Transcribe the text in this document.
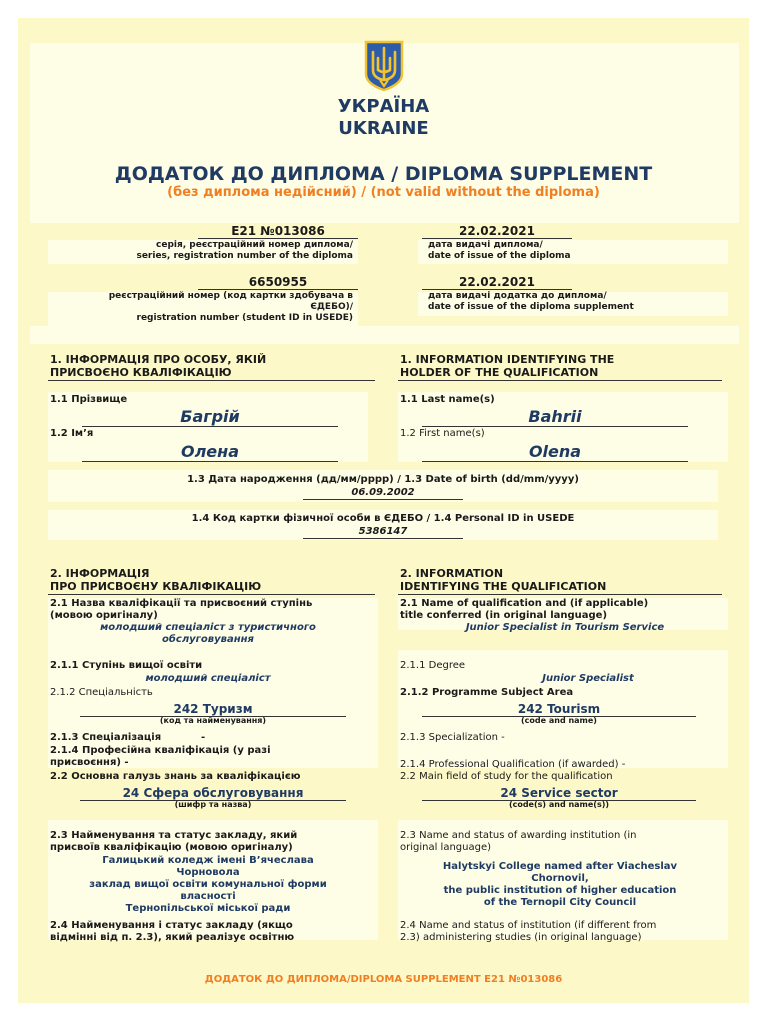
УКРАЇНА
UKRAINE
ДОДАТОК ДО ДИПЛОМА / DIPLOMA SUPPLEMENT
(без диплома недійсний) / (not valid without the diploma)
E21 №013086
серія, реєстраційний номер диплома/
series, registration number of the diploma
22.02.2021
дата видачі диплома/
date of issue of the diploma
6650955
реєстраційний номер (код картки здобувача в
ЄДЕБО)/
registration number (student ID in USEDE)
22.02.2021
дата видачі додатка до диплома/
date of issue of the diploma supplement
1. ІНФОРМАЦІЯ ПРО ОСОБУ, ЯКІЙ
ПРИСВОЄНО КВАЛІФІКАЦІЮ
1. INFORMATION IDENTIFYING THE
HOLDER OF THE QUALIFICATION
1.1 Прізвище
Багрій
1.1 Last name(s)
Bahrii
1.2 Ім’я
Олена
1.2 First name(s)
Olena
1.3 Дата народження (дд/мм/рррр) / 1.3 Date of birth (dd/mm/yyyy)
06.09.2002
1.4 Код картки фізичної особи в ЄДЕБО / 1.4 Personal ID in USEDE
5386147
2. ІНФОРМАЦІЯ
ПРО ПРИСВОЄНУ КВАЛІФІКАЦІЮ
2. INFORMATION
IDENTIFYING THE QUALIFICATION
2.1 Назва кваліфікації та присвоєний ступінь
(мовою оригіналу)
молодший спеціаліст з туристичного
обслуговування
2.1 Name of qualification and (if applicable)
title conferred (in original language)
Junior Specialist in Tourism Service
2.1.1 Ступінь вищої освіти
молодший спеціаліст
2.1.1 Degree
Junior Specialist
2.1.2 Спеціальність	2.1.2 Programme Subject Area
242 Туризм	242 Tourism
(код та найменування)	(code and name)
2.1.3 Спеціалізація	-	2.1.3 Specialization -
2.1.4 Професійна кваліфікація (у разі
присвоєння) -	2.1.4 Professional Qualification (if awarded) -
2.2 Основна галузь знань за кваліфікацією	2.2 Main field of study for the qualification
24 Сфера обслуговування	24 Service sector
(шифр та назва)	(code(s) and name(s))
2.3 Найменування та статус закладу, який
присвоїв кваліфікацію (мовою оригіналу)
Галицький коледж імені В’ячеслава
Чорновола
заклад вищої освіти комунальної форми
власності
Тернопільської міської ради
2.3 Name and status of awarding institution (in
original language)
Halytskyi College named after Viacheslav
Chornovil,
the public institution of higher education
of the Ternopil City Council
2.4 Найменування і статус закладу (якщо
відмінні від п. 2.3), який реалізує освітню
2.4 Name and status of institution (if different from
2.3) administering studies (in original language)
ДОДАТОК ДО ДИПЛОМА/DIPLOMA SUPPLEMENT E21 №013086
